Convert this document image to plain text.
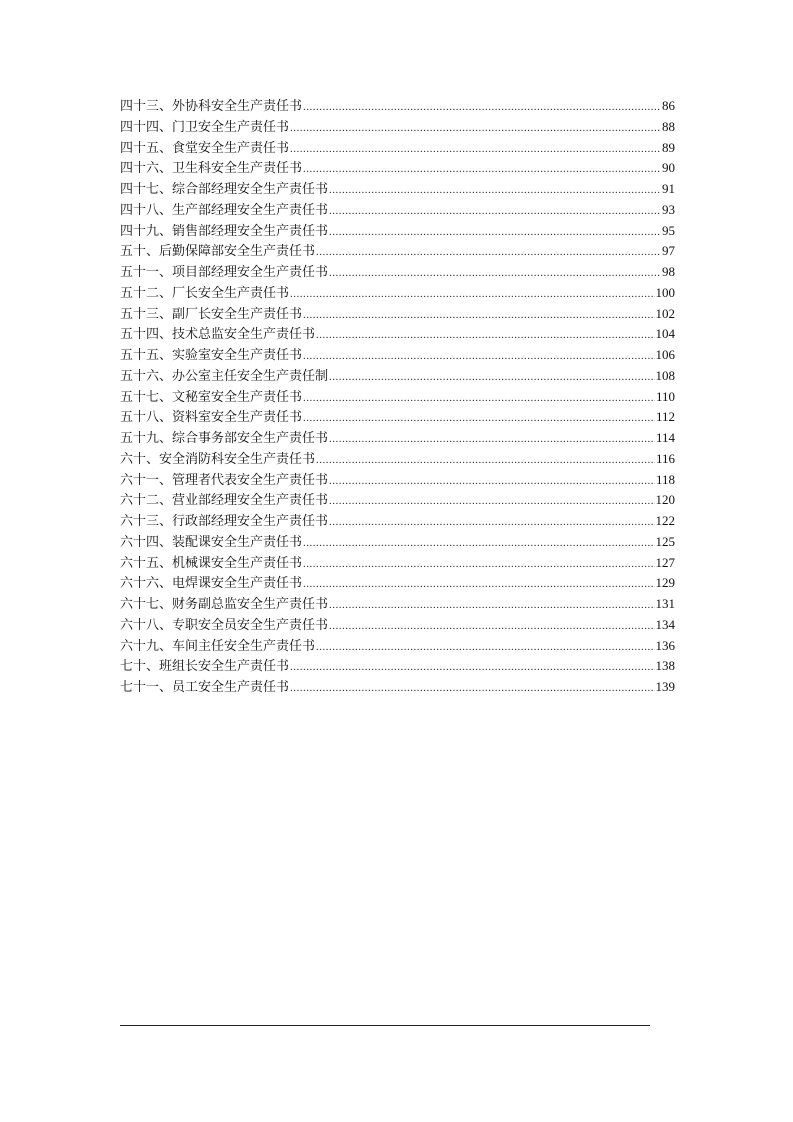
四十三、外协科安全生产责任书 .....	86
四十四、门卫安全生产责任书 .....	88
四十五、食堂安全生产责任书 .....	89
四十六、卫生科安全生产责任书 .....	90
四十七、综合部经理安全生产责任书 .....	91
四十八、生产部经理安全生产责任书 .....	93
四十九、销售部经理安全生产责任书 .....	95
五十、后勤保障部安全生产责任书 .....	97
五十一、项目部经理安全生产责任书 .....	98
五十二、厂长安全生产责任书 .....	100
五十三、副厂长安全生产责任书 .....	102
五十四、技术总监安全生产责任书 .....	104
五十五、实验室安全生产责任书 .....	106
五十六、办公室主任安全生产责任制 .....	108
五十七、文秘室安全生产责任书 .....	110
五十八、资料室安全生产责任书 .....	112
五十九、综合事务部安全生产责任书 .....	114
六十、安全消防科安全生产责任书 .....	116
六十一、管理者代表安全生产责任书 .....	118
六十二、营业部经理安全生产责任书 .....	120
六十三、行政部经理安全生产责任书 .....	122
六十四、装配课安全生产责任书 .....	125
六十五、机械课安全生产责任书 .....	127
六十六、电焊课安全生产责任书 .....	129
六十七、财务副总监安全生产责任书 .....	131
六十八、专职安全员安全生产责任书 .....	134
六十九、车间主任安全生产责任书 .....	136
七十、班组长安全生产责任书 .....	138
七十一、员工安全生产责任书 .....	139
